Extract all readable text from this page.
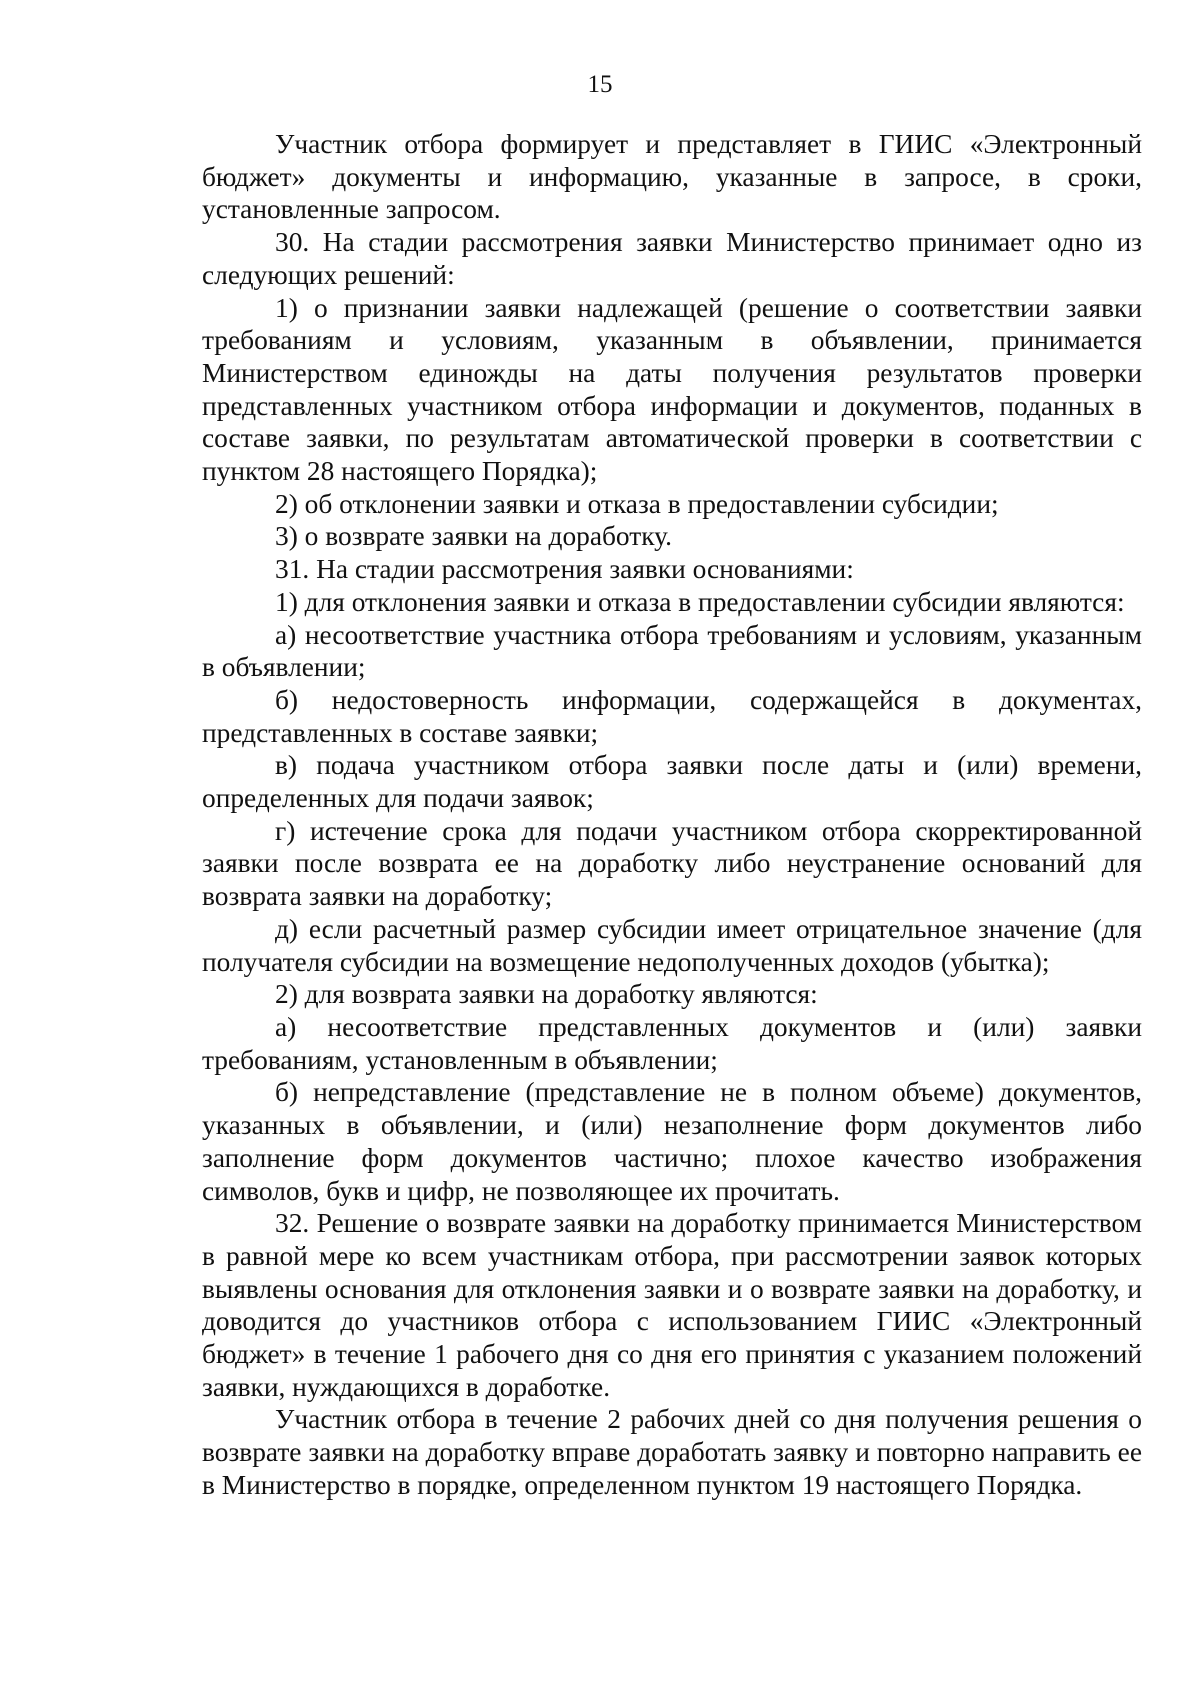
15

Участник отбора формирует и представляет в ГИИС «Электронный бюджет» документы и информацию, указанные в запросе, в сроки, установленные запросом.

30. На стадии рассмотрения заявки Министерство принимает одно из следующих решений:

1) о признании заявки надлежащей (решение о соответствии заявки требованиям и условиям, указанным в объявлении, принимается Министерством единожды на даты получения результатов проверки представленных участником отбора информации и документов, поданных в составе заявки, по результатам автоматической проверки в соответствии с пунктом 28 настоящего Порядка);

2) об отклонении заявки и отказа в предоставлении субсидии;

3) о возврате заявки на доработку.

31. На стадии рассмотрения заявки основаниями:

1) для отклонения заявки и отказа в предоставлении субсидии являются:

а) несоответствие участника отбора требованиям и условиям, указанным в объявлении;

б) недостоверность информации, содержащейся в документах, представленных в составе заявки;

в) подача участником отбора заявки после даты и (или) времени, определенных для подачи заявок;

г) истечение срока для подачи участником отбора скорректированной заявки после возврата ее на доработку либо неустранение оснований для возврата заявки на доработку;

д) если расчетный размер субсидии имеет отрицательное значение (для получателя субсидии на возмещение недополученных доходов (убытка);

2) для возврата заявки на доработку являются:

а) несоответствие представленных документов и (или) заявки требованиям, установленным в объявлении;

б) непредставление (представление не в полном объеме) документов, указанных в объявлении, и (или) незаполнение форм документов либо заполнение форм документов частично; плохое качество изображения символов, букв и цифр, не позволяющее их прочитать.

32. Решение о возврате заявки на доработку принимается Министерством в равной мере ко всем участникам отбора, при рассмотрении заявок которых выявлены основания для отклонения заявки и о возврате заявки на доработку, и доводится до участников отбора с использованием ГИИС «Электронный бюджет» в течение 1 рабочего дня со дня его принятия с указанием положений заявки, нуждающихся в доработке.

Участник отбора в течение 2 рабочих дней со дня получения решения о возврате заявки на доработку вправе доработать заявку и повторно направить ее в Министерство в порядке, определенном пунктом 19 настоящего Порядка.
